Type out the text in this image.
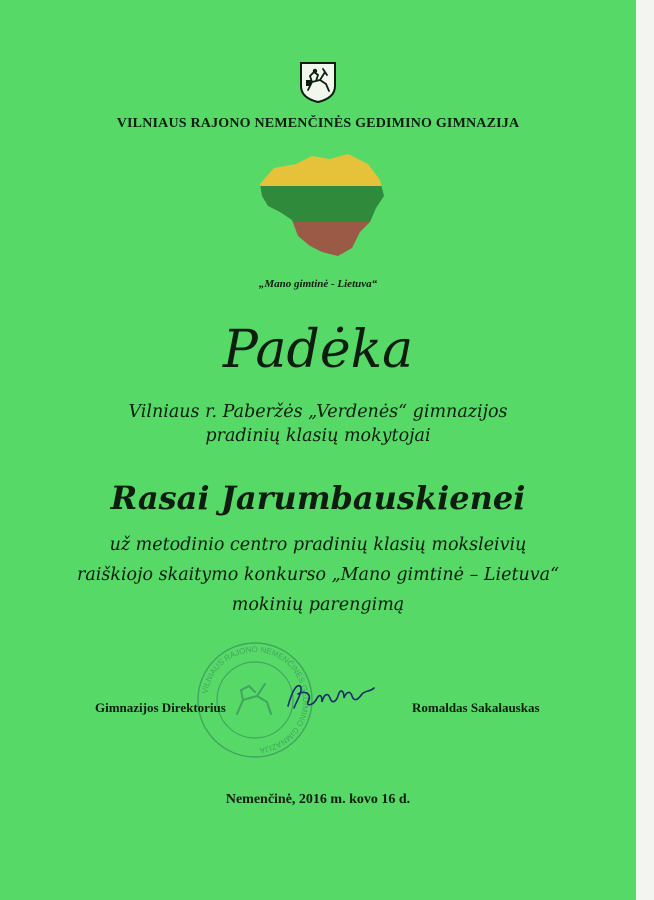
VILNIAUS RAJONO NEMENČINĖS GEDIMINO GIMNAZIJA
„Mano gimtinė - Lietuva“
Padėka
Vilniaus r. Paberžės „Verdenės“ gimnazijos
pradinių klasių mokytojai
Rasai Jarumbauskienei
už metodinio centro pradinių klasių moksleivių
raiškiojo skaitymo konkurso „Mano gimtinė – Lietuva“
mokinių parengimą
VILNIAUS RAJONO NEMENČINĖS GEDIMINO GIMNAZIJA
Gimnazijos Direktorius	Romaldas Sakalauskas
Nemenčinė, 2016 m. kovo 16 d.
